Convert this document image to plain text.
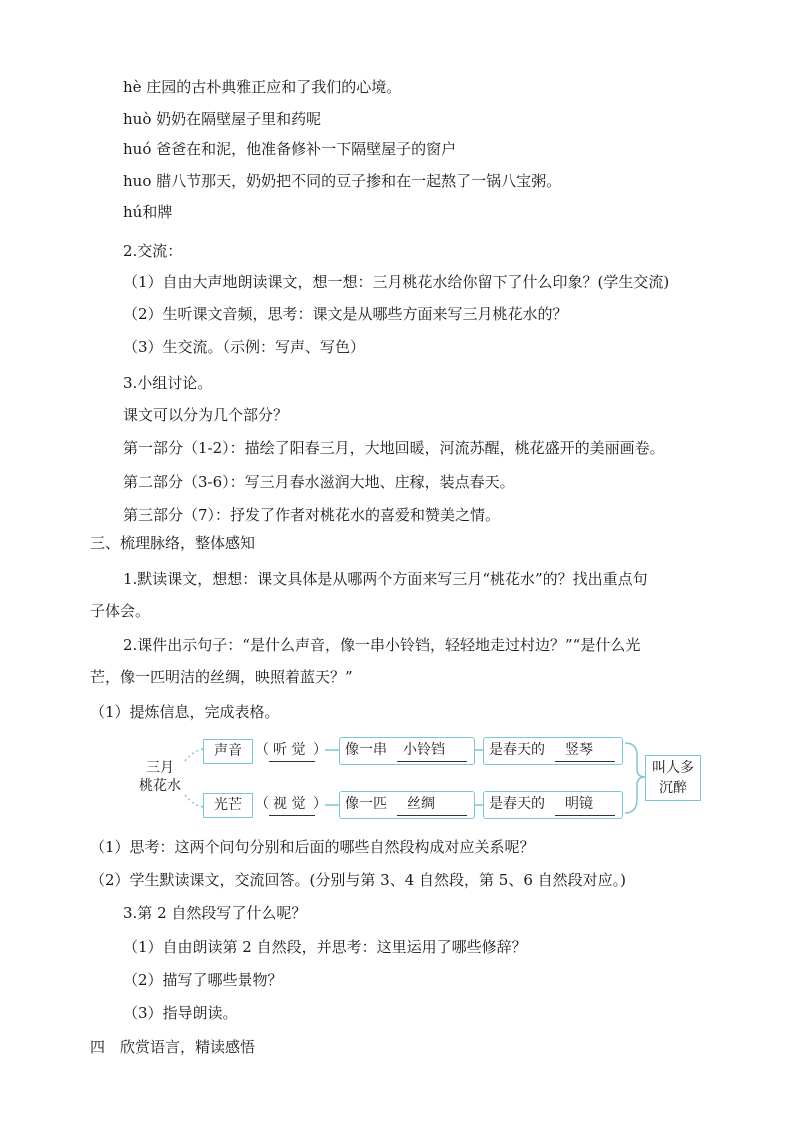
hè 庄园的古朴典雅正应和了我们的心境。
huò 奶奶在隔壁屋子里和药呢
huó 爸爸在和泥，他准备修补一下隔壁屋子的窗户
huo 腊八节那天，奶奶把不同的豆子掺和在一起熬了一锅八宝粥。
hú和牌
2.交流：
（1）自由大声地朗读课文，想一想：三月桃花水给你留下了什么印象？(学生交流)
（2）生听课文音频，思考：课文是从哪些方面来写三月桃花水的？
（3）生交流。（示例：写声、写色）
3.小组讨论。
课文可以分为几个部分？
第一部分（1-2）：描绘了阳春三月，大地回暖，河流苏醒，桃花盛开的美丽画卷。
第二部分（3-6）：写三月春水滋润大地、庄稼，装点春天。
第三部分（7）：抒发了作者对桃花水的喜爱和赞美之情。
三、梳理脉络，整体感知
1.默读课文，想想：课文具体是从哪两个方面来写三月“桃花水”的？找出重点句
子体会。
2.课件出示句子：“是什么声音，像一串小铃铛，轻轻地走过村边？”“是什么光
芒，像一匹明洁的丝绸，映照着蓝天？”
（1）提炼信息，完成表格。
三月
桃花水
声音 （ 听 觉 ） 像一串 小铃铛	是春天的 竖琴
光芒 （ 视 觉 ） 像一匹 丝绸	是春天的 明镜
叫人多沉醉
（1）思考：这两个问句分别和后面的哪些自然段构成对应关系呢？
（2）学生默读课文，交流回答。(分别与第 3、4 自然段，第 5、6 自然段对应。)
3.第 2 自然段写了什么呢？
（1）自由朗读第 2 自然段，并思考：这里运用了哪些修辞？
（2）描写了哪些景物？
（3）指导朗读。
四　欣赏语言，精读感悟
